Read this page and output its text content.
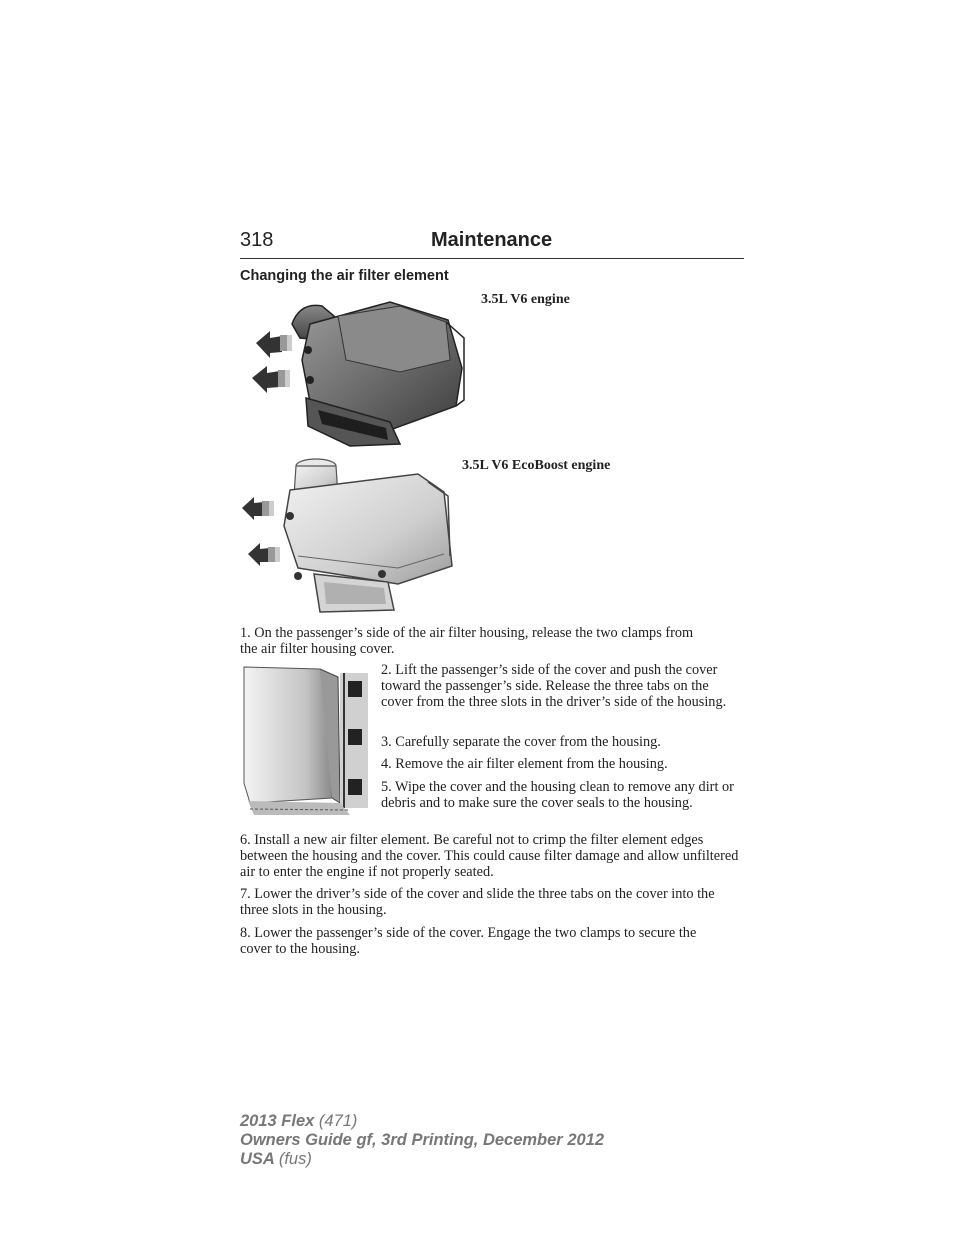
318	Maintenance
Changing the air filter element
3.5L V6 engine
3.5L V6 EcoBoost engine

1. On the passenger’s side of the air filter housing, release the two clamps from the air filter housing cover.

2. Lift the passenger’s side of the cover and push the cover toward the passenger’s side. Release the three tabs on the cover from the three slots in the driver’s side of the housing.

3. Carefully separate the cover from the housing.

4. Remove the air filter element from the housing.

5. Wipe the cover and the housing clean to remove any dirt or debris and to make sure the cover seals to the housing.

6. Install a new air filter element. Be careful not to crimp the filter element edges between the housing and the cover. This could cause filter damage and allow unfiltered air to enter the engine if not properly seated.

7. Lower the driver’s side of the cover and slide the three tabs on the cover into the three slots in the housing.

8. Lower the passenger’s side of the cover. Engage the two clamps to secure the cover to the housing.

2013 Flex (471)
Owners Guide gf, 3rd Printing, December 2012
USA (fus)
